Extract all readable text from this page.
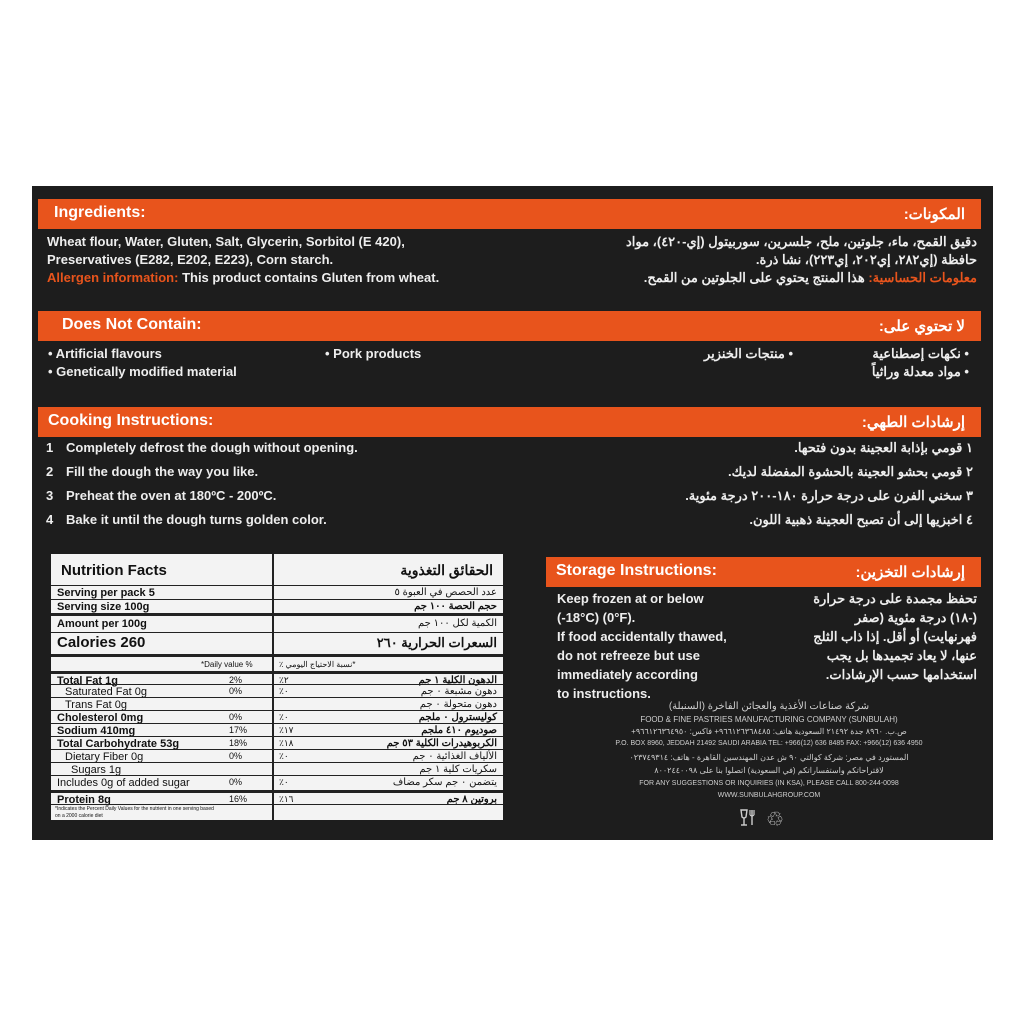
Ingredients:	المكونات:
Wheat flour, Water, Gluten, Salt, Glycerin, Sorbitol (E 420),
Preservatives (E282, E202, E223), Corn starch.
Allergen information: This product contains Gluten from wheat.
دقيق القمح، ماء، جلوتين، ملح، جلسرين، سوربيتول (إي-٤٢٠)، مواد
حافظة (إي٢٨٢، إي٢٠٢، إي٢٢٣)، نشا ذرة.
معلومات الحساسية: هذا المنتج يحتوي على الجلوتين من القمح.
Does Not Contain:	لا تحتوي على:
• Artificial flavours
• Genetically modified material
• Pork products	• نكهات إصطناعية
• مواد معدلة وراثياً
• منتجات الخنزير
Cooking Instructions:	إرشادات الطهي:
1 Completely defrost the dough without opening.
2 Fill the dough the way you like.
3 Preheat the oven at 180ºC - 200ºC.
4 Bake it until the dough turns golden color.
١ قومي بإذابة العجينة بدون فتحها.
٢ قومي بحشو العجينة بالحشوة المفضلة لديك.
٣ سخني الفرن على درجة حرارة ١٨٠-٢٠٠ درجة مئوية.
٤ اخبزيها إلى أن تصبح العجينة ذهبية اللون.
Nutrition Facts	الحقائق التغذوية
Serving per pack 5	عدد الحصص في العبوة ٥
Serving size 100g	حجم الحصة ١٠٠ جم
Amount per 100g	الكمية لكل ١٠٠ جم
Calories 260	السعرات الحرارية ٢٦٠
*Daily value %	*نسبة الاحتياج اليومي ٪
Total Fat 1g	2%	٪٢	الدهون الكلية ١ جم
Saturated Fat 0g	0%	٪٠	دهون مشبعة ٠ جم
Trans Fat 0g	دهون متحولة ٠ جم
Cholesterol 0mg	0%	٪٠	كوليسترول ٠ ملجم
Sodium 410mg	17%	٪١٧	صوديوم ٤١٠ ملجم
Total Carbohydrate 53g	18%	٪١٨	الكربوهيدرات الكلية ٥٣ جم
Dietary Fiber 0g	0%	٪٠	الألياف الغذائية ٠ جم
Sugars 1g	سكريات كلية ١ جم
Includes 0g of added sugar	0%	٪٠	يتضمن ٠ جم سكر مضاف
Protein 8g	16%	٪١٦	بروتين ٨ جم
*Indicates the Percent Daily Values for the nutrient in one serving based
on a 2000 calorie diet
Storage Instructions:	إرشادات التخزين:
Keep frozen at or below
(-18°C) (0°F).
If food accidentally thawed,
do not refreeze but use
immediately according
to instructions.
تحفظ مجمدة على درجة حرارة
(-١٨) درجة مئوية (صفر
فهرنهايت) أو أقل. إذا ذاب الثلج
عنها، لا يعاد تجميدها بل يجب
استخدامها حسب الإرشادات.
شركة صناعات الأغذية والعجائن الفاخرة (السنبلة)
FOOD & FINE PASTRIES MANUFACTURING COMPANY (SUNBULAH)
ص.ب. ٨٩٦٠ جدة ٢١٤٩٢ السعودية هاتف: ٩٦٦١٢٦٣٦٨٤٨٥+ فاكس: ٩٦٦١٢٦٣٦٤٩٥٠+
P.O. BOX 8960, JEDDAH 21492 SAUDI ARABIA TEL: +966(12) 636 8485 FAX: +966(12) 636 4950
المستورد في مصر: شركة كوالتي ٩٠ ش عدن المهندسين القاهرة - هاتف: ٠٢٣٧٤٩٣١٤
لاقتراحاتكم واستفساراتكم (في السعودية) اتصلوا بنا على ٨٠٠٢٤٤٠٠٩٨
FOR ANY SUGGESTIONS OR INQUIRIES (IN KSA), PLEASE CALL 800-244-0098
WWW.SUNBULAHGROUP.COM
♲
